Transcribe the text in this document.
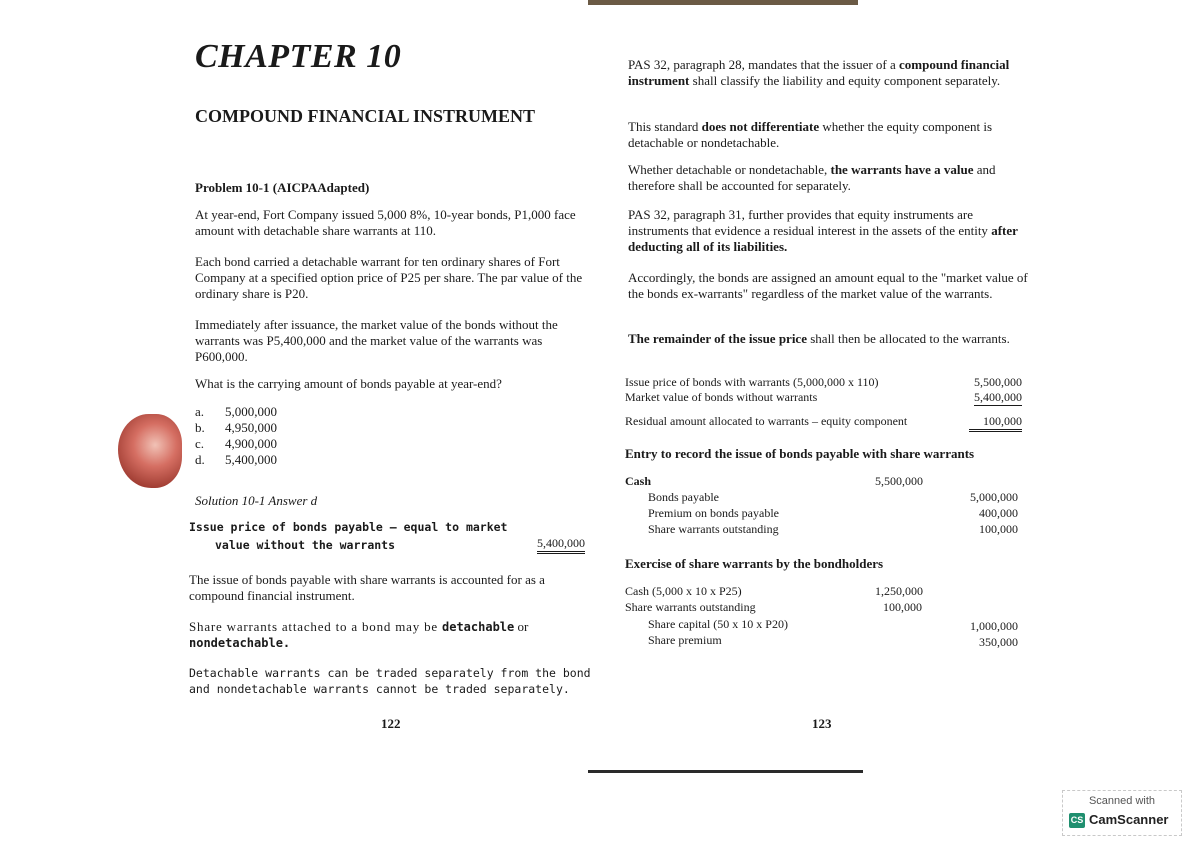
CHAPTER 10
COMPOUND FINANCIAL INSTRUMENT
Problem 10-1 (AICPAAdapted)
At year-end, Fort Company issued 5,000 8%, 10-year bonds, P1,000 face amount with detachable share warrants at 110.
Each bond carried a detachable warrant for ten ordinary shares of Fort Company at a specified option price of P25 per share. The par value of the ordinary share is P20.
Immediately after issuance, the market value of the bonds without the warrants was P5,400,000 and the market value of the warrants was P600,000.
What is the carrying amount of bonds payable at year-end?
a. 5,000,000
b. 4,950,000
c. 4,900,000
d. 5,400,000
Solution 10-1 Answer d
Issue price of bonds payable – equal to market
value without the warrants	5,400,000
The issue of bonds payable with share warrants is accounted for as a compound financial instrument.
Share warrants attached to a bond may be detachable or nondetachable.
Detachable warrants can be traded separately from the bond and nondetachable warrants cannot be traded separately.
122
PAS 32, paragraph 28, mandates that the issuer of a compound financial instrument shall classify the liability and equity component separately.
This standard does not differentiate whether the equity component is detachable or nondetachable.
Whether detachable or nondetachable, the warrants have a value and therefore shall be accounted for separately.
PAS 32, paragraph 31, further provides that equity instruments are instruments that evidence a residual interest in the assets of the entity after deducting all of its liabilities.
Accordingly, the bonds are assigned an amount equal to the "market value of the bonds ex-warrants" regardless of the market value of the warrants.
The remainder of the issue price shall then be allocated to the warrants.
Issue price of bonds with warrants (5,000,000 x 110)	5,500,000
Market value of bonds without warrants	5,400,000
Residual amount allocated to warrants – equity component	100,000
Entry to record the issue of bonds payable with share warrants
Cash	5,500,000
Bonds payable	5,000,000
Premium on bonds payable	400,000
Share warrants outstanding	100,000
Exercise of share warrants by the bondholders
Cash (5,000 x 10 x P25)	1,250,000
Share warrants outstanding	100,000
Share capital (50 x 10 x P20)	1,000,000
Share premium	350,000
123
Scanned with
CS CamScanner
